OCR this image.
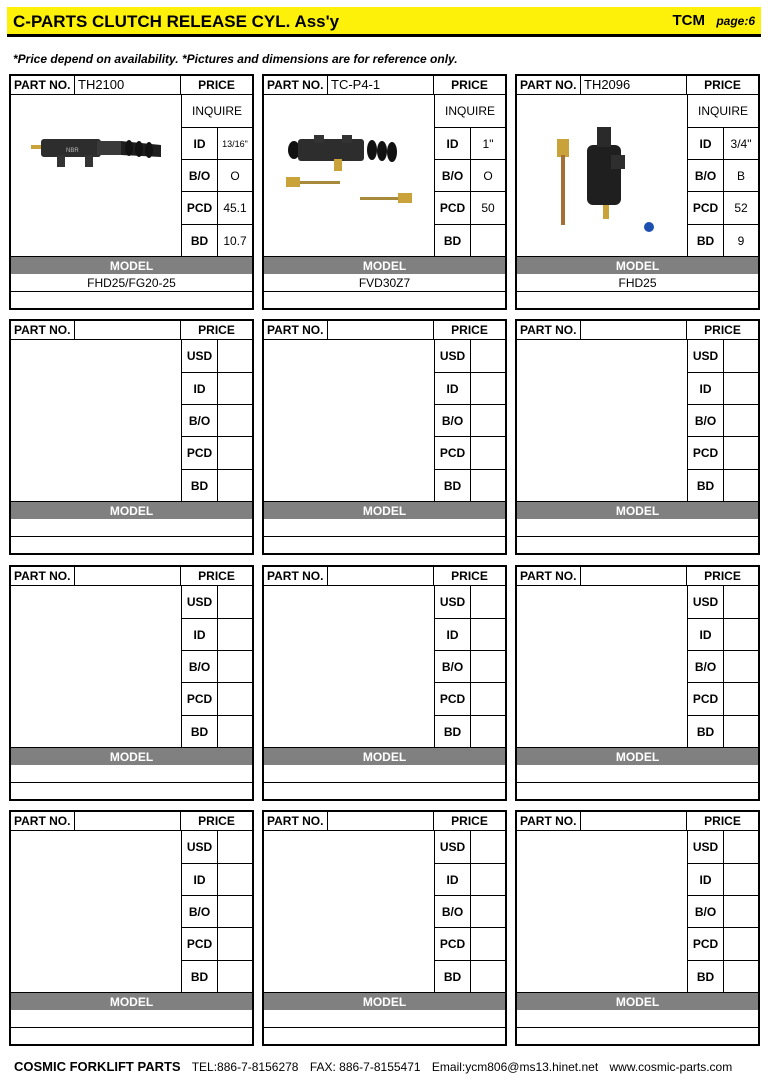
C-PARTS CLUTCH RELEASE CYL. Ass'y	TCM page:6
*Price depend on availability. *Pictures and dimensions are for reference only.
PART NO. TH2100	PRICE
NBR
INQUIRE
ID	13/16"
B/O	O
PCD 45.1
BD	10.7
MODEL
FHD25/FG20-25
PART NO. TC-P4-1	PRICE
INQUIRE
ID	1"
B/O	O
PCD	50
BD
MODEL
FVD30Z7
PART NO. TH2096	PRICE
INQUIRE
ID	3/4"
B/O	B
PCD	52
BD	9
MODEL
FHD25
PART NO.	PRICE
USD
ID
B/O
PCD
BD
MODEL
PART NO.	PRICE
USD
ID
B/O
PCD
BD
MODEL
PART NO.	PRICE
USD
ID
B/O
PCD
BD
MODEL
PART NO.	PRICE
USD
ID
B/O
PCD
BD
MODEL
PART NO.	PRICE
USD
ID
B/O
PCD
BD
MODEL
PART NO.	PRICE
USD
ID
B/O
PCD
BD
MODEL
PART NO.	PRICE
USD
ID
B/O
PCD
BD
MODEL
PART NO.	PRICE
USD
ID
B/O
PCD
BD
MODEL
PART NO.	PRICE
USD
ID
B/O
PCD
BD
MODEL
COSMIC FORKLIFT PARTS TEL:886-7-8156278 FAX: 886-7-8155471 Email:ycm806@ms13.hinet.net www.cosmic-parts.com
